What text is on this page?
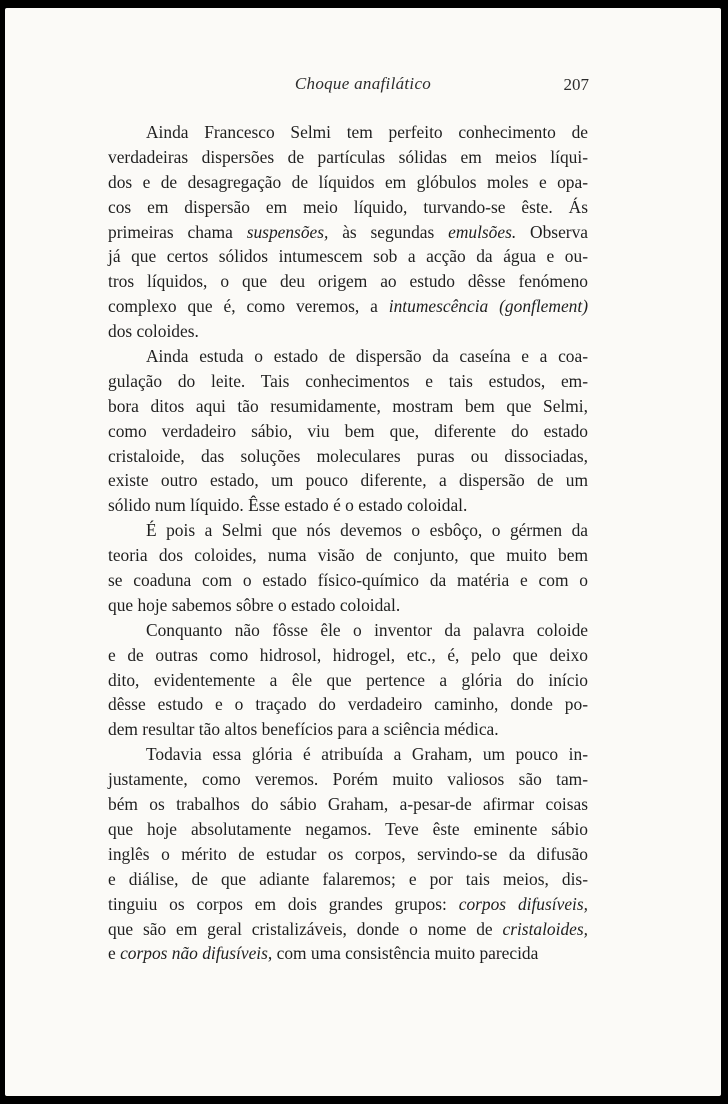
Choque anafilático	207
Ainda Francesco Selmi tem perfeito conhecimento de
verdadeiras dispersões de partículas sólidas em meios líqui-
dos e de desagregação de líquidos em glóbulos moles e opa-
cos em dispersão em meio líquido, turvando-se êste. Ás
primeiras chama suspensões, às segundas emulsões. Observa
já que certos sólidos intumescem sob a acção da água e ou-
tros líquidos, o que deu origem ao estudo dêsse fenómeno
complexo que é, como veremos, a intumescência (gonflement)
dos coloides.
Ainda estuda o estado de dispersão da caseína e a coa-
gulação do leite. Tais conhecimentos e tais estudos, em-
bora ditos aqui tão resumidamente, mostram bem que Selmi,
como verdadeiro sábio, viu bem que, diferente do estado
cristaloide, das soluções moleculares puras ou dissociadas,
existe outro estado, um pouco diferente, a dispersão de um
sólido num líquido. Êsse estado é o estado coloidal.
É pois a Selmi que nós devemos o esbôço, o gérmen da
teoria dos coloides, numa visão de conjunto, que muito bem
se coaduna com o estado físico-químico da matéria e com o
que hoje sabemos sôbre o estado coloidal.
Conquanto não fôsse êle o inventor da palavra coloide
e de outras como hidrosol, hidrogel, etc., é, pelo que deixo
dito, evidentemente a êle que pertence a glória do início
dêsse estudo e o traçado do verdadeiro caminho, donde po-
dem resultar tão altos benefícios para a sciência médica.
Todavia essa glória é atribuída a Graham, um pouco in-
justamente, como veremos. Porém muito valiosos são tam-
bém os trabalhos do sábio Graham, a-pesar-de afirmar coisas
que hoje absolutamente negamos. Teve êste eminente sábio
inglês o mérito de estudar os corpos, servindo-se da difusão
e diálise, de que adiante falaremos; e por tais meios, dis-
tinguiu os corpos em dois grandes grupos: corpos difusíveis,
que são em geral cristalizáveis, donde o nome de cristaloides,
e corpos não difusíveis, com uma consistência muito parecida
